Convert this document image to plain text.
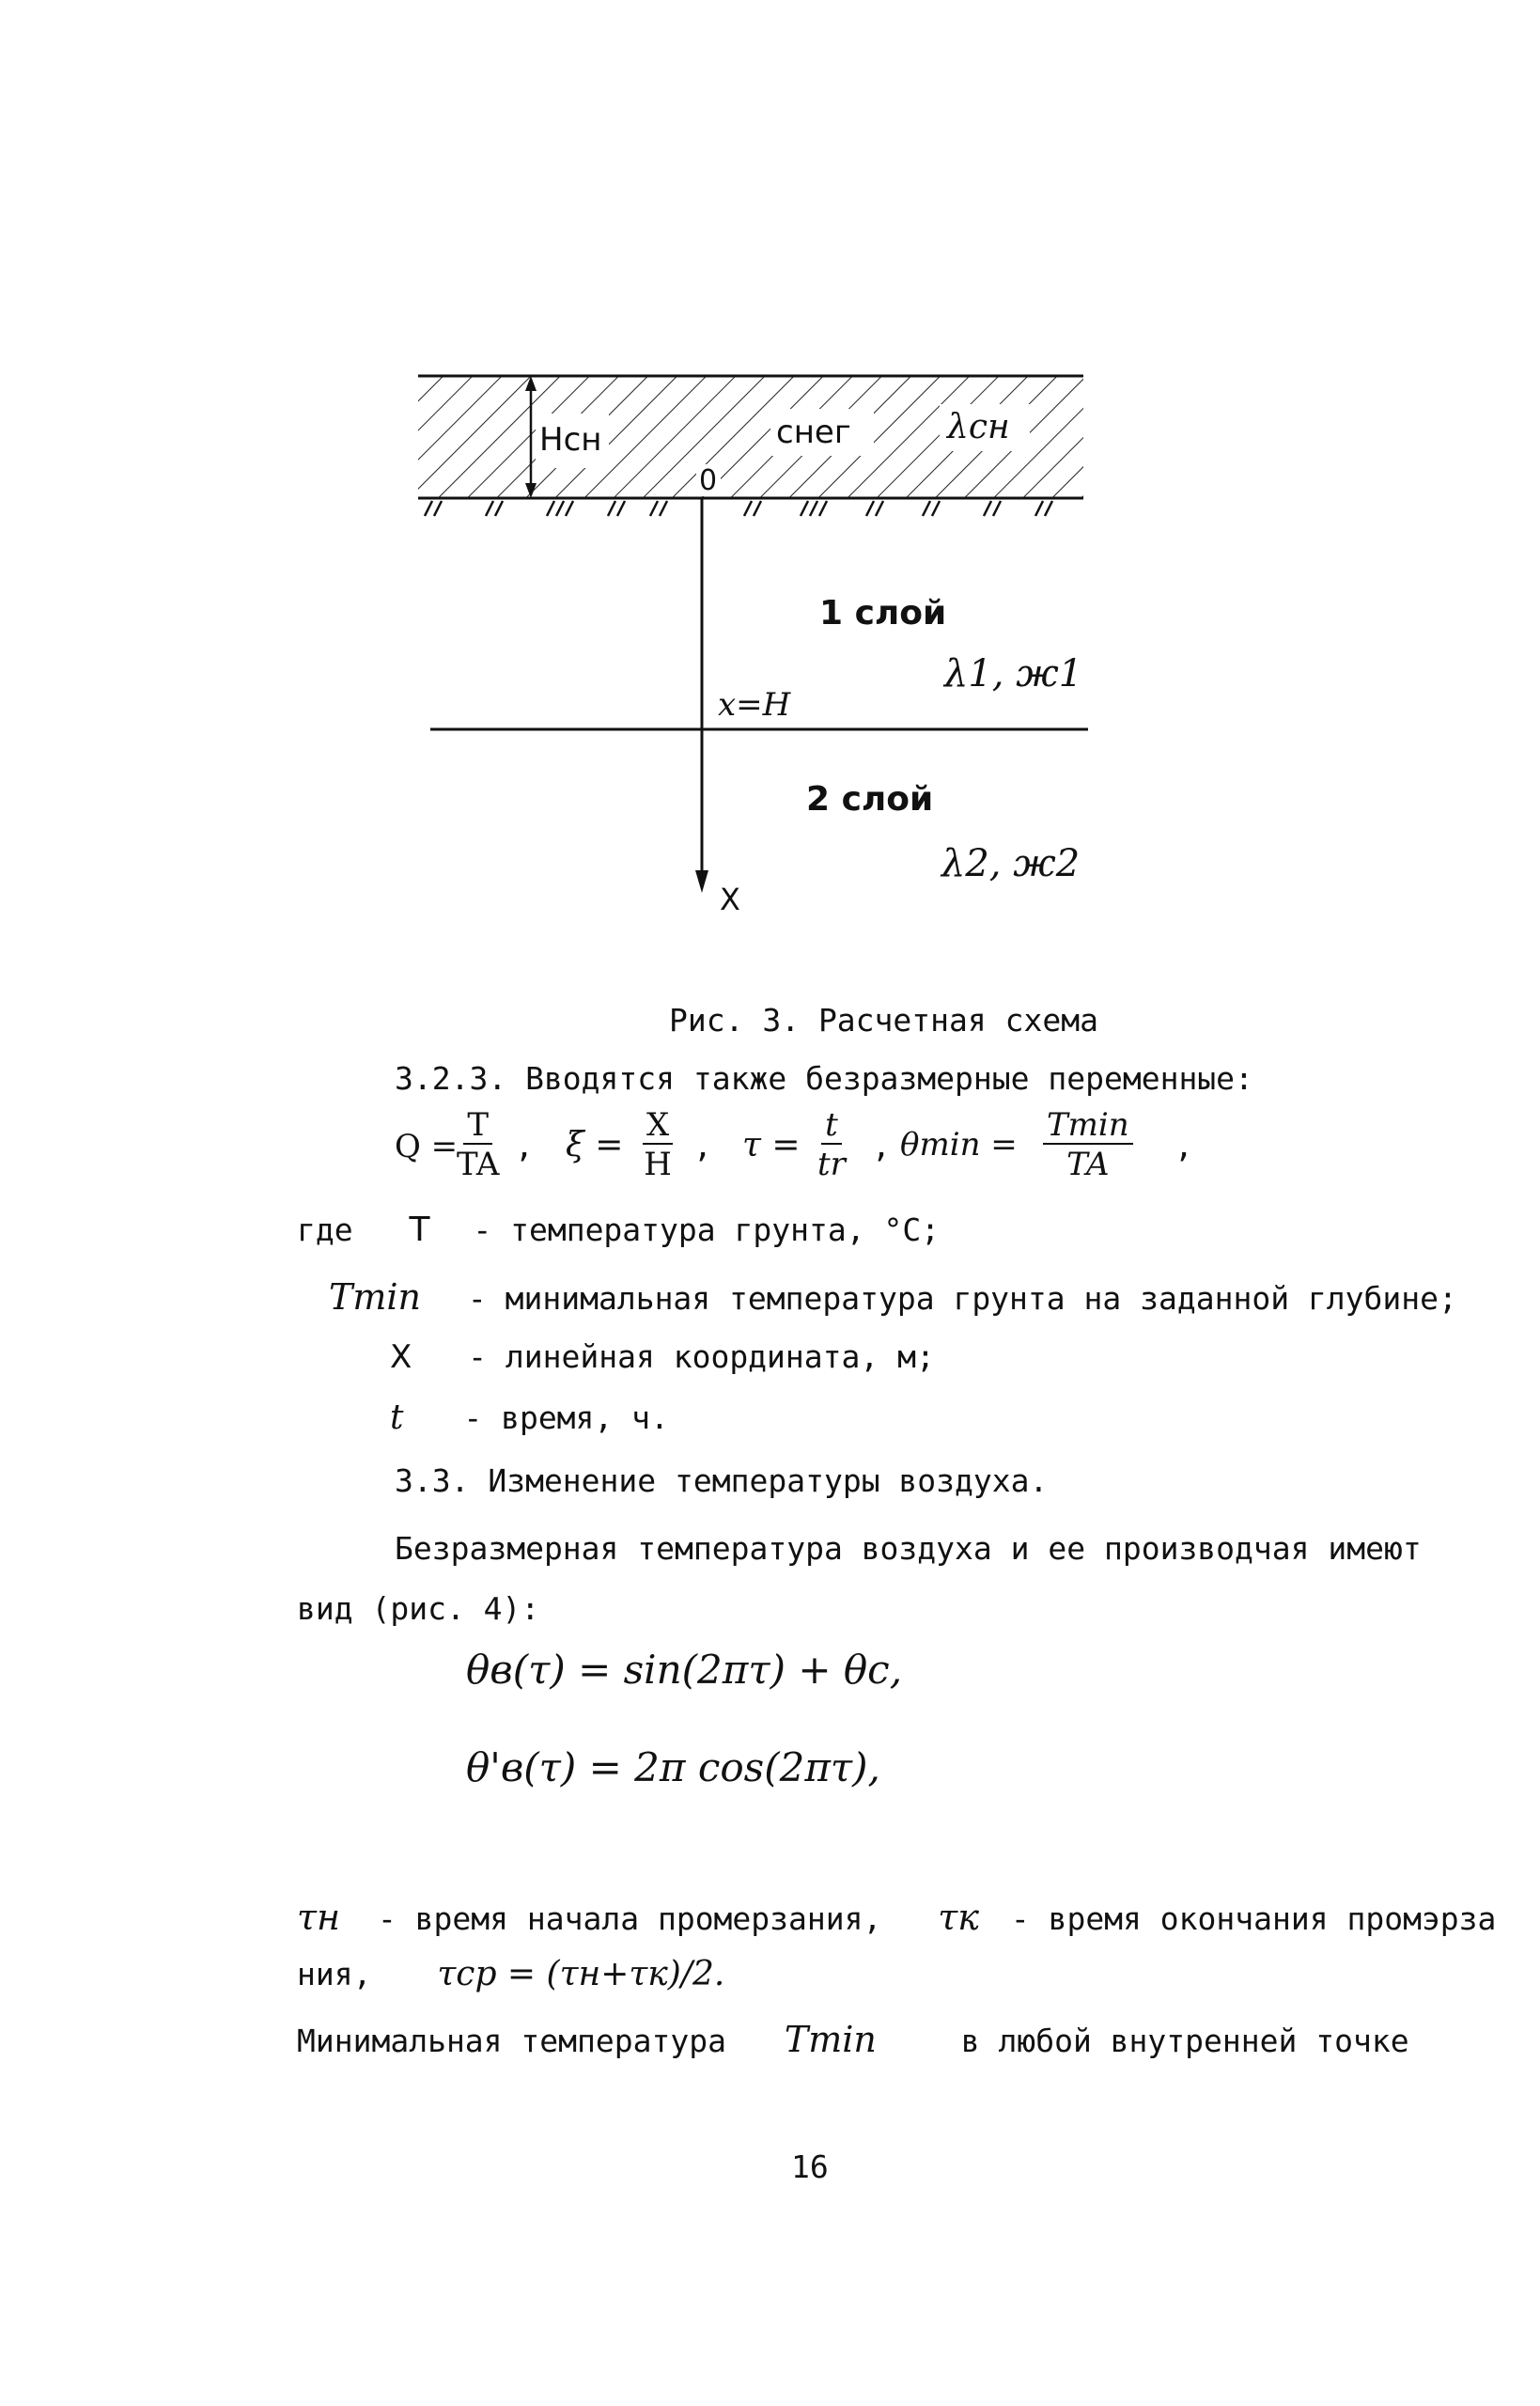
Hсн	снег	λсн
0
1 слой
λ1, ж1
x=H
2 слой
λ2, ж2
X
Рис. 3. Расчетная схема
3.2.3. Вводятся также безразмерные переменные:
Q =
$\frac{T}{TA}$ , $\xi = \frac{X}{H}$ , $\tau = \frac{t}{tr}$ , θmin =
Tmin
TA ,
где T - температура грунта, °C;
Tmin - минимальная температура грунта на заданной глубине;
X - линейная координата, м;
t - время, ч.
3.3. Изменение температуры воздуха.
Безразмерная температура воздуха и ее производчая имеют
вид (рис. 4):
θв(τ) = sin(2πτ) + θс,
θ'в(τ) = 2π cos(2πτ),
τн - время начала промерзания, τк - время окончания промэрза
ния, τср = (τн+τк)/2.
Минимальная температура Tmin	в любой внутренней точке
16
